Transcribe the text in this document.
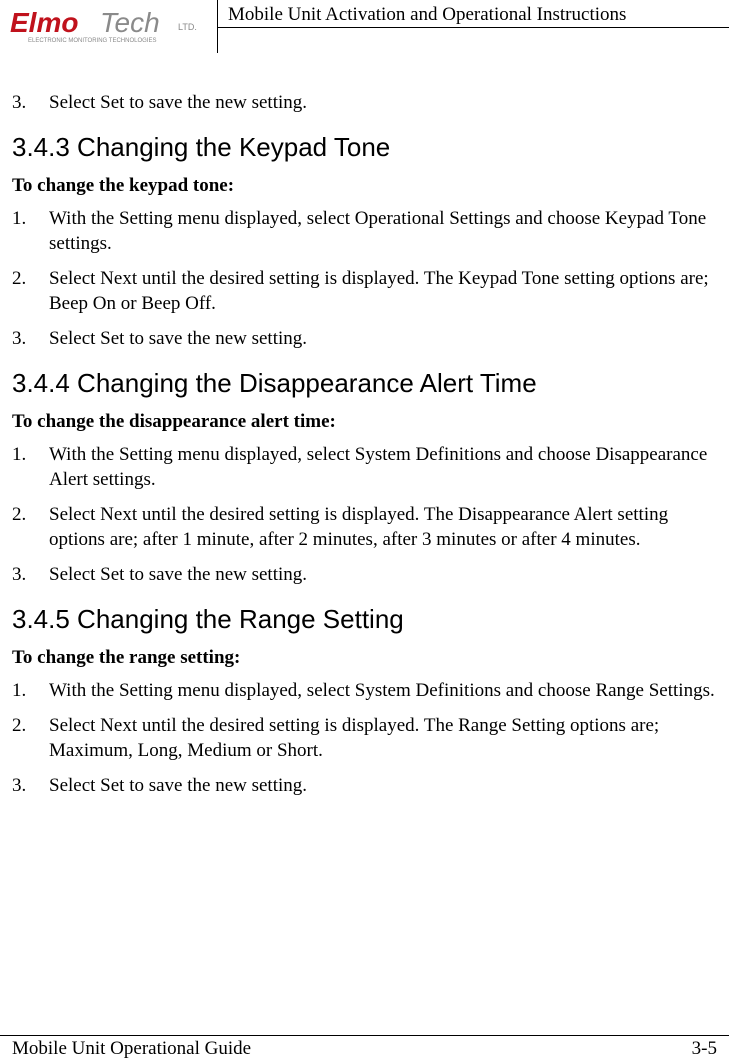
Elmo Tech LTD.
ELECTRONIC MONITORING TECHNOLOGIES
Mobile Unit Activation and Operational Instructions
3. Select Set to save the new setting.
3.4.3 Changing the Keypad Tone
To change the keypad tone:
1. With the Setting menu displayed, select Operational Settings and choose Keypad Tone settings.
2. Select Next until the desired setting is displayed. The Keypad Tone setting options are; Beep On or Beep Off.
3. Select Set to save the new setting.
3.4.4 Changing the Disappearance Alert Time
To change the disappearance alert time:
1. With the Setting menu displayed, select System Definitions and choose Disappearance Alert settings.
2. Select Next until the desired setting is displayed. The Disappearance Alert setting options are; after 1 minute, after 2 minutes, after 3 minutes or after 4 minutes.
3. Select Set to save the new setting.
3.4.5 Changing the Range Setting
To change the range setting:
1. With the Setting menu displayed, select System Definitions and choose Range Settings.
2. Select Next until the desired setting is displayed. The Range Setting options are; Maximum, Long, Medium or Short.
3. Select Set to save the new setting.
Mobile Unit Operational Guide	3-5
